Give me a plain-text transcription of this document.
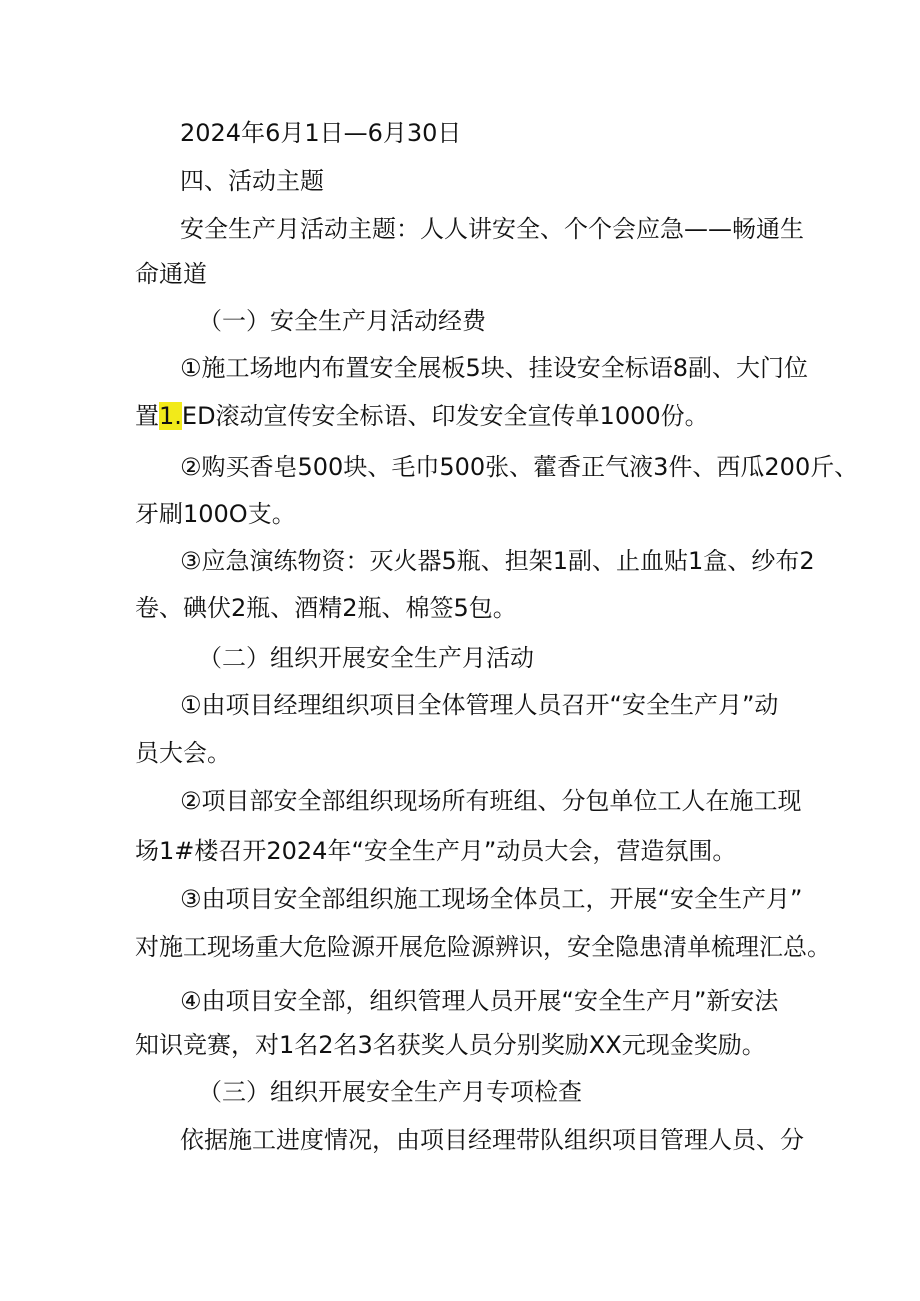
2024年6月1日—6月30日
四、活动主题
安全生产月活动主题：人人讲安全、个个会应急——畅通生
命通道
（一）安全生产月活动经费
①施工场地内布置安全展板5块、挂设安全标语8副、大门位
置1.ED滚动宣传安全标语、印发安全宣传单1000份。
②购买香皂500块、毛巾500张、藿香正气液3件、西瓜200斤、
牙刷100O支。
③应急演练物资：灭火器5瓶、担架1副、止血贴1盒、纱布2
卷、碘伏2瓶、酒精2瓶、棉签5包。
（二）组织开展安全生产月活动
①由项目经理组织项目全体管理人员召开“安全生产月”动
员大会。
②项目部安全部组织现场所有班组、分包单位工人在施工现
场1#楼召开2024年“安全生产月”动员大会，营造氛围。
③由项目安全部组织施工现场全体员工，开展“安全生产月”
对施工现场重大危险源开展危险源辨识，安全隐患清单梳理汇总。
④由项目安全部，组织管理人员开展“安全生产月”新安法
知识竞赛，对1名2名3名获奖人员分别奖励XX元现金奖励。
（三）组织开展安全生产月专项检查
依据施工进度情况，由项目经理带队组织项目管理人员、分
